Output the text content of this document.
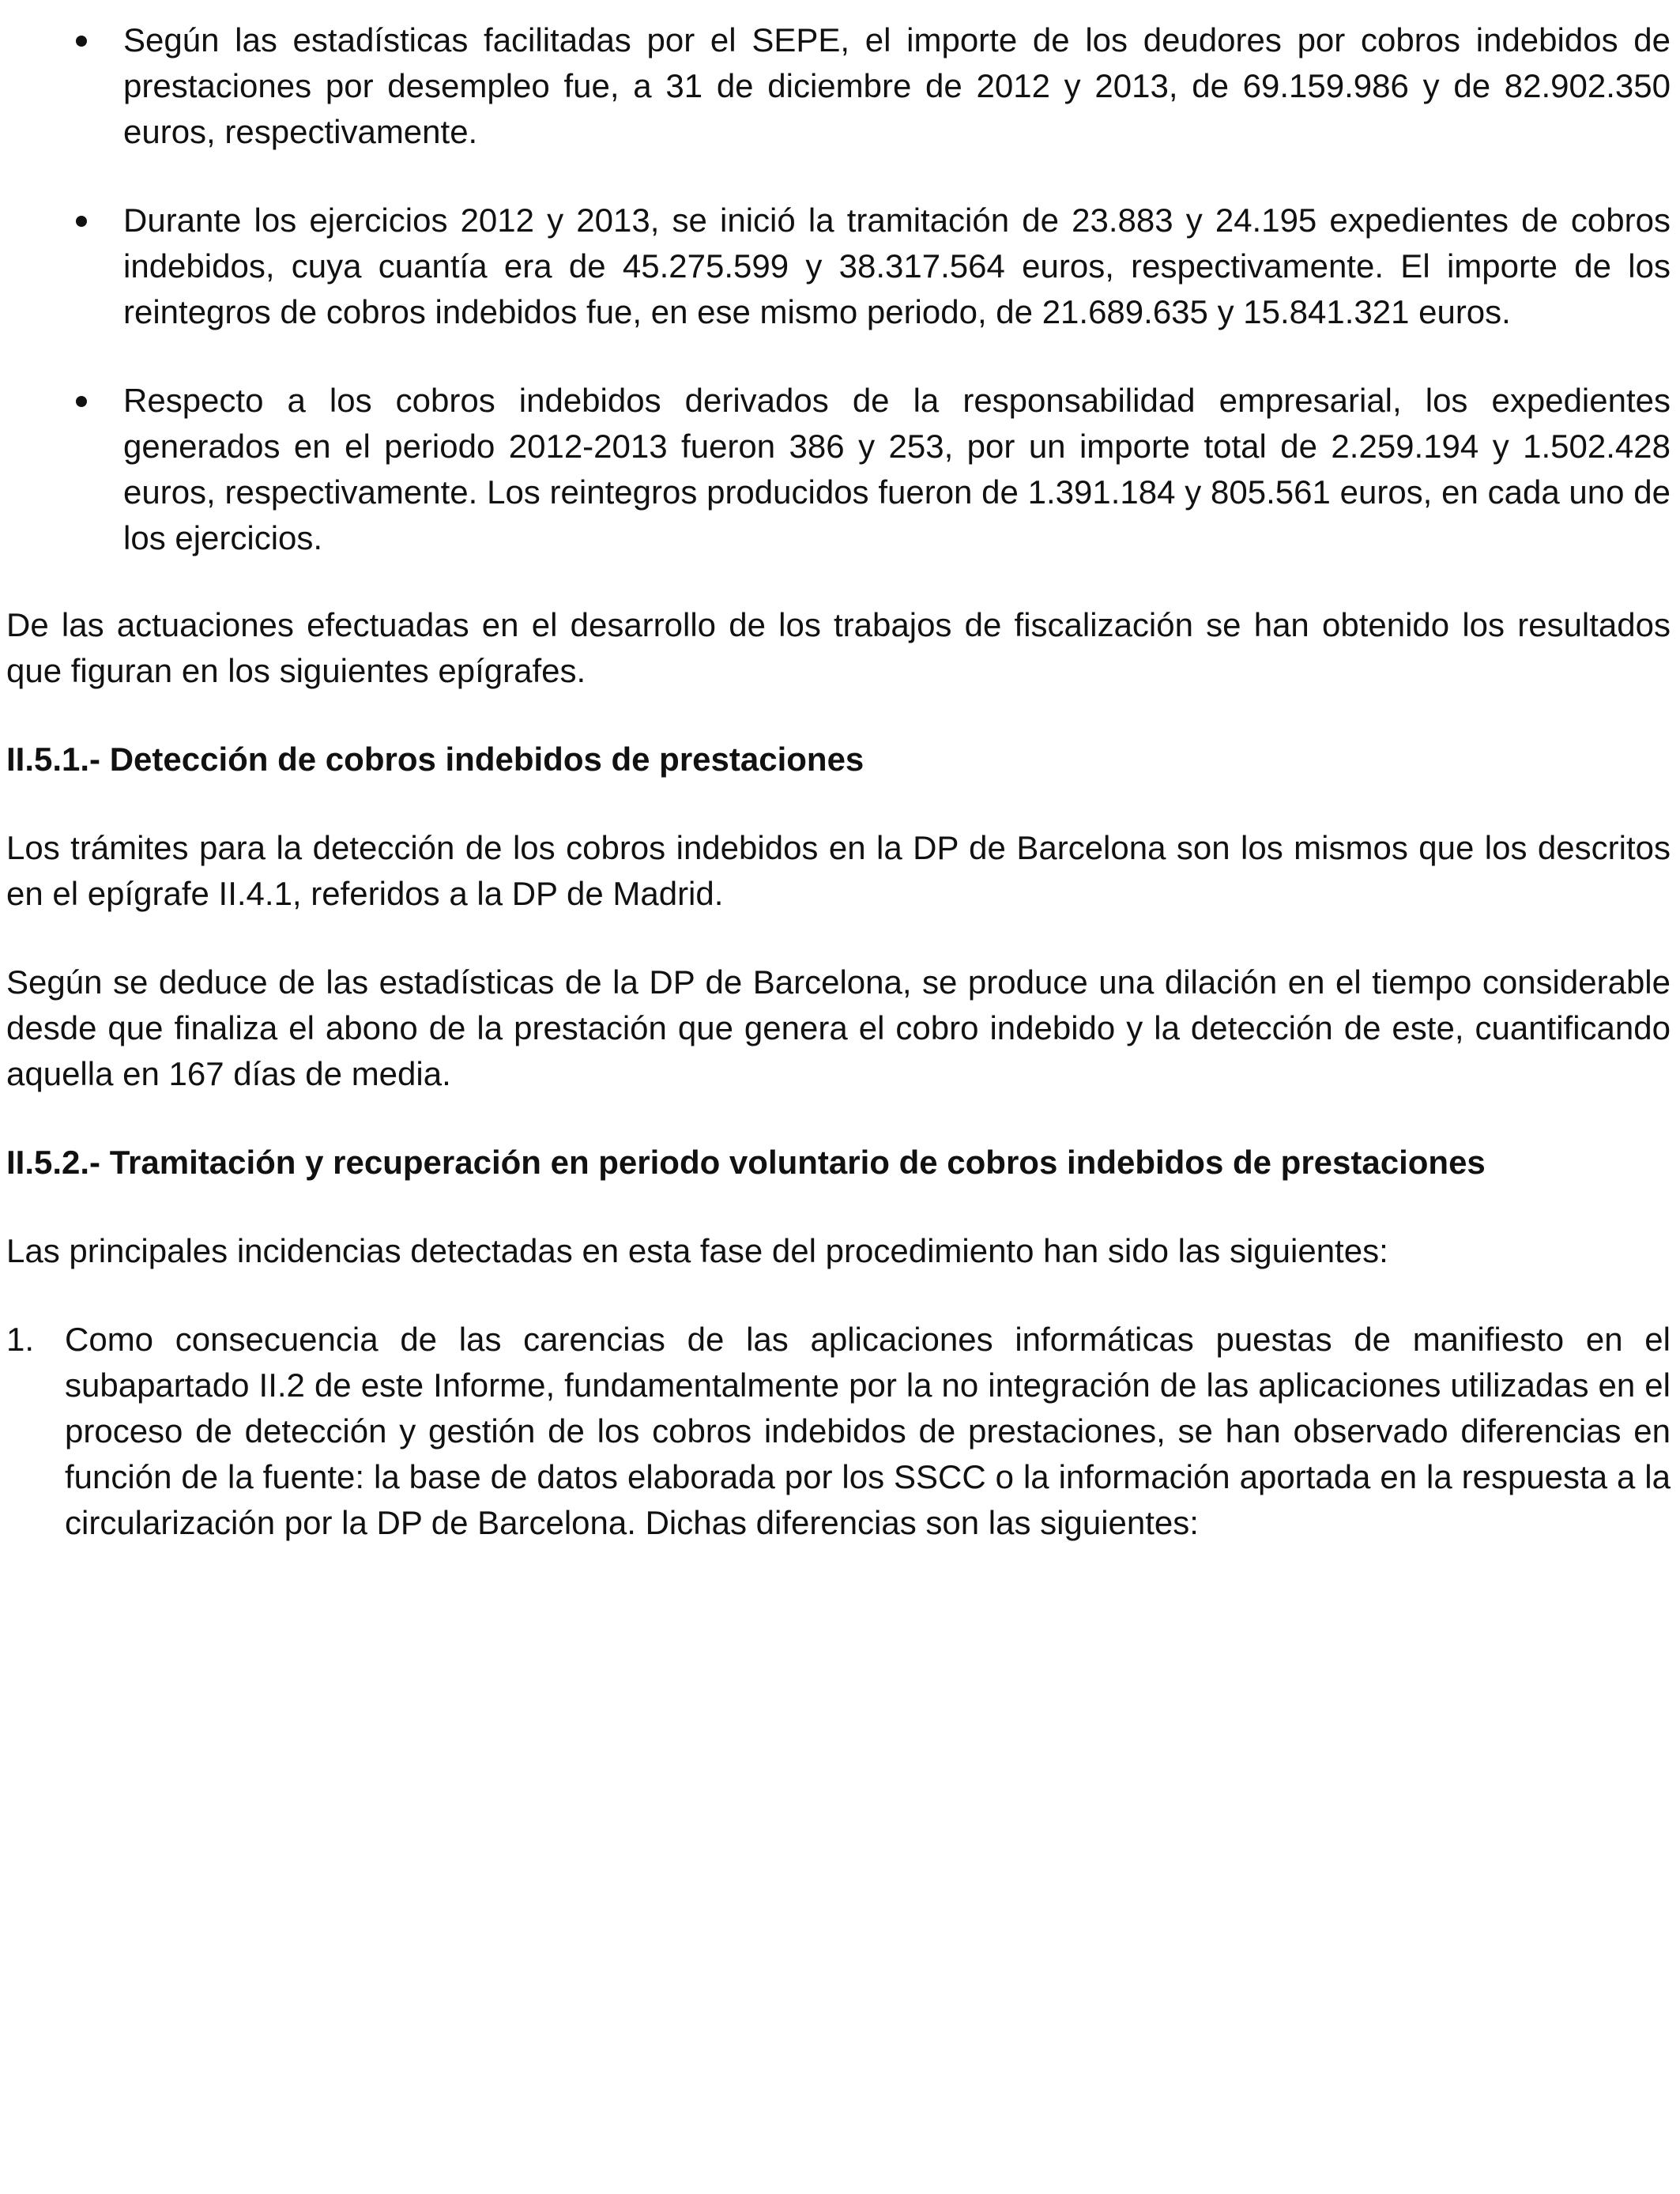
Según las estadísticas facilitadas por el SEPE, el importe de los deudores por cobros indebidos de prestaciones por desempleo fue, a 31 de diciembre de 2012 y 2013, de 69.159.986 y de 82.902.350 euros, respectivamente.
Durante los ejercicios 2012 y 2013, se inició la tramitación de 23.883 y 24.195 expedientes de cobros indebidos, cuya cuantía era de 45.275.599 y 38.317.564 euros, respectivamente. El importe de los reintegros de cobros indebidos fue, en ese mismo periodo, de 21.689.635 y 15.841.321 euros.
Respecto a los cobros indebidos derivados de la responsabilidad empresarial, los expedientes generados en el periodo 2012-2013 fueron 386 y 253, por un importe total de 2.259.194 y 1.502.428 euros, respectivamente. Los reintegros producidos fueron de 1.391.184 y 805.561 euros, en cada uno de los ejercicios.

De las actuaciones efectuadas en el desarrollo de los trabajos de fiscalización se han obtenido los resultados que figuran en los siguientes epígrafes.

II.5.1.- Detección de cobros indebidos de prestaciones

Los trámites para la detección de los cobros indebidos en la DP de Barcelona son los mismos que los descritos en el epígrafe II.4.1, referidos a la DP de Madrid.

Según se deduce de las estadísticas de la DP de Barcelona, se produce una dilación en el tiempo considerable desde que finaliza el abono de la prestación que genera el cobro indebido y la detección de este, cuantificando aquella en 167 días de media.

II.5.2.- Tramitación y recuperación en periodo voluntario de cobros indebidos de prestaciones

Las principales incidencias detectadas en esta fase del procedimiento han sido las siguientes:

1. Como consecuencia de las carencias de las aplicaciones informáticas puestas de manifiesto en el subapartado II.2 de este Informe, fundamentalmente por la no integración de las aplicaciones utilizadas en el proceso de detección y gestión de los cobros indebidos de prestaciones, se han observado diferencias en función de la fuente: la base de datos elaborada por los SSCC o la información aportada en la respuesta a la circularización por la DP de Barcelona. Dichas diferencias son las siguientes:
